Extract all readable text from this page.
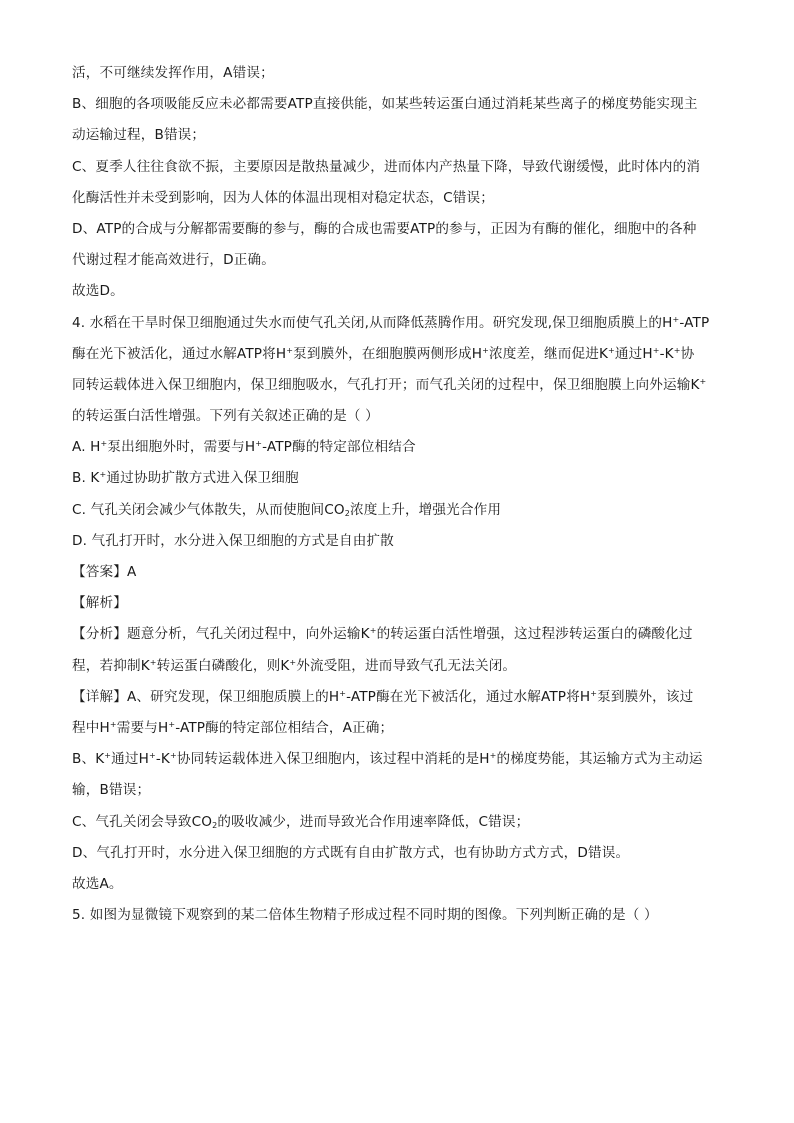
活，不可继续发挥作用，A错误；
B、细胞的各项吸能反应未必都需要ATP直接供能，如某些转运蛋白通过消耗某些离子的梯度势能实现主
动运输过程，B错误；
C、夏季人往往食欲不振，主要原因是散热量减少，进而体内产热量下降，导致代谢缓慢，此时体内的消
化酶活性并未受到影响，因为人体的体温出现相对稳定状态，C错误；
D、ATP的合成与分解都需要酶的参与，酶的合成也需要ATP的参与，正因为有酶的催化，细胞中的各种
代谢过程才能高效进行，D正确。
故选D。
4. 水稻在干旱时保卫细胞通过失水而使气孔关闭,从而降低蒸腾作用。研究发现,保卫细胞质膜上的H+-ATP
酶在光下被活化，通过水解ATP将H+泵到膜外，在细胞膜两侧形成H+浓度差，继而促进K+通过H+-K+协
同转运载体进入保卫细胞内，保卫细胞吸水，气孔打开；而气孔关闭的过程中，保卫细胞膜上向外运输K+
的转运蛋白活性增强。下列有关叙述正确的是（ ）
A. H+泵出细胞外时，需要与H+-ATP酶的特定部位相结合
B. K+通过协助扩散方式进入保卫细胞
C. 气孔关闭会减少气体散失，从而使胞间$CO_2$浓度上升，增强光合作用
D. 气孔打开时，水分进入保卫细胞的方式是自由扩散
【答案】A
【解析】
【分析】题意分析，气孔关闭过程中，向外运输K+的转运蛋白活性增强，这过程涉转运蛋白的磷酸化过
程，若抑制K+转运蛋白磷酸化，则K+外流受阻，进而导致气孔无法关闭。
【详解】A、研究发现，保卫细胞质膜上的H+-ATP酶在光下被活化，通过水解ATP将H+泵到膜外，该过
程中H+需要与H+-ATP酶的特定部位相结合，A正确；
B、K+通过H+-K+协同转运载体进入保卫细胞内，该过程中消耗的是H+的梯度势能，其运输方式为主动运
输，B错误；
C、气孔关闭会导致$CO_2$的吸收减少，进而导致光合作用速率降低，C错误；
D、气孔打开时，水分进入保卫细胞的方式既有自由扩散方式，也有协助方式方式，D错误。
故选A。
5. 如图为显微镜下观察到的某二倍体生物精子形成过程不同时期的图像。下列判断正确的是（ ）
